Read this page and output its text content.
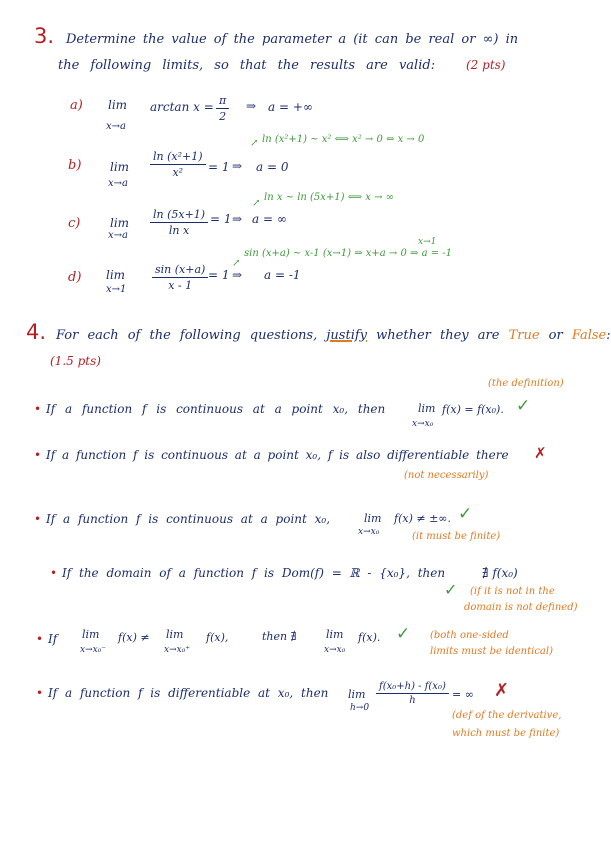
3. Determine the value of the parameter a (it can be real or ∞) in
the following limits, so that the results are valid:	(2 pts)
a) lim
x→a
$\arctan x = \frac{\pi}{2}$ ⇒ a = +∞
↗ ln (x²+1) ~ x² ⟺ x² → 0 ⇔ x → 0
b) lim
x→a
$\frac{\text{ln (x²+1)}}{\text{x²}} = 1$ ⇒ a = 0
↗
ln x ~ ln (5x+1) ⟺ x → ∞
c) lim
$x\to a \frac{\ln (5x+1)}{\text{ln x}} = 1$ ⇒ a = ∞
x→1
↗
sin (x+a) ~ x-1 (x→1) ⇒ x+a → 0 ⇒ a = -1
d) lim
$x\to 1 \frac{\sin (x+a)}{x - 1} = 1$ ⇒ a = -1
4. For each of the following questions, justify whether they are True or False:
(1.5 pts)
(the definition)
• If a function f is continuous at a point x₀, then	lim
x→x₀
f(x) = f(x₀). ✓
• If a function f is continuous at a point x₀, f is also differentiable there ✗
(not necessarily)
• If a function f is continuous at a point x₀,	lim
x→x₀
f(x) ≠ ±∞. ✓
(it must be finite)
• If the domain of a function f is Dom(f) = ℝ - {x₀}, then	∄ f(x₀)
✓ (if it is not in the
domain is not defined)
• If lim
x→x₀⁻
f(x) ≠ lim
x→x₀⁺
f(x),	then ∄	lim
x→x₀
f(x). ✓ (both one-sided
limits must be identical)
• If a function f is differentiable at x₀, then lim
h→0
$\frac{\text{f(x₀+h) - f(x₀)}}{h}$ = ∞ ✗
(def of the derivative,
which must be finite)
